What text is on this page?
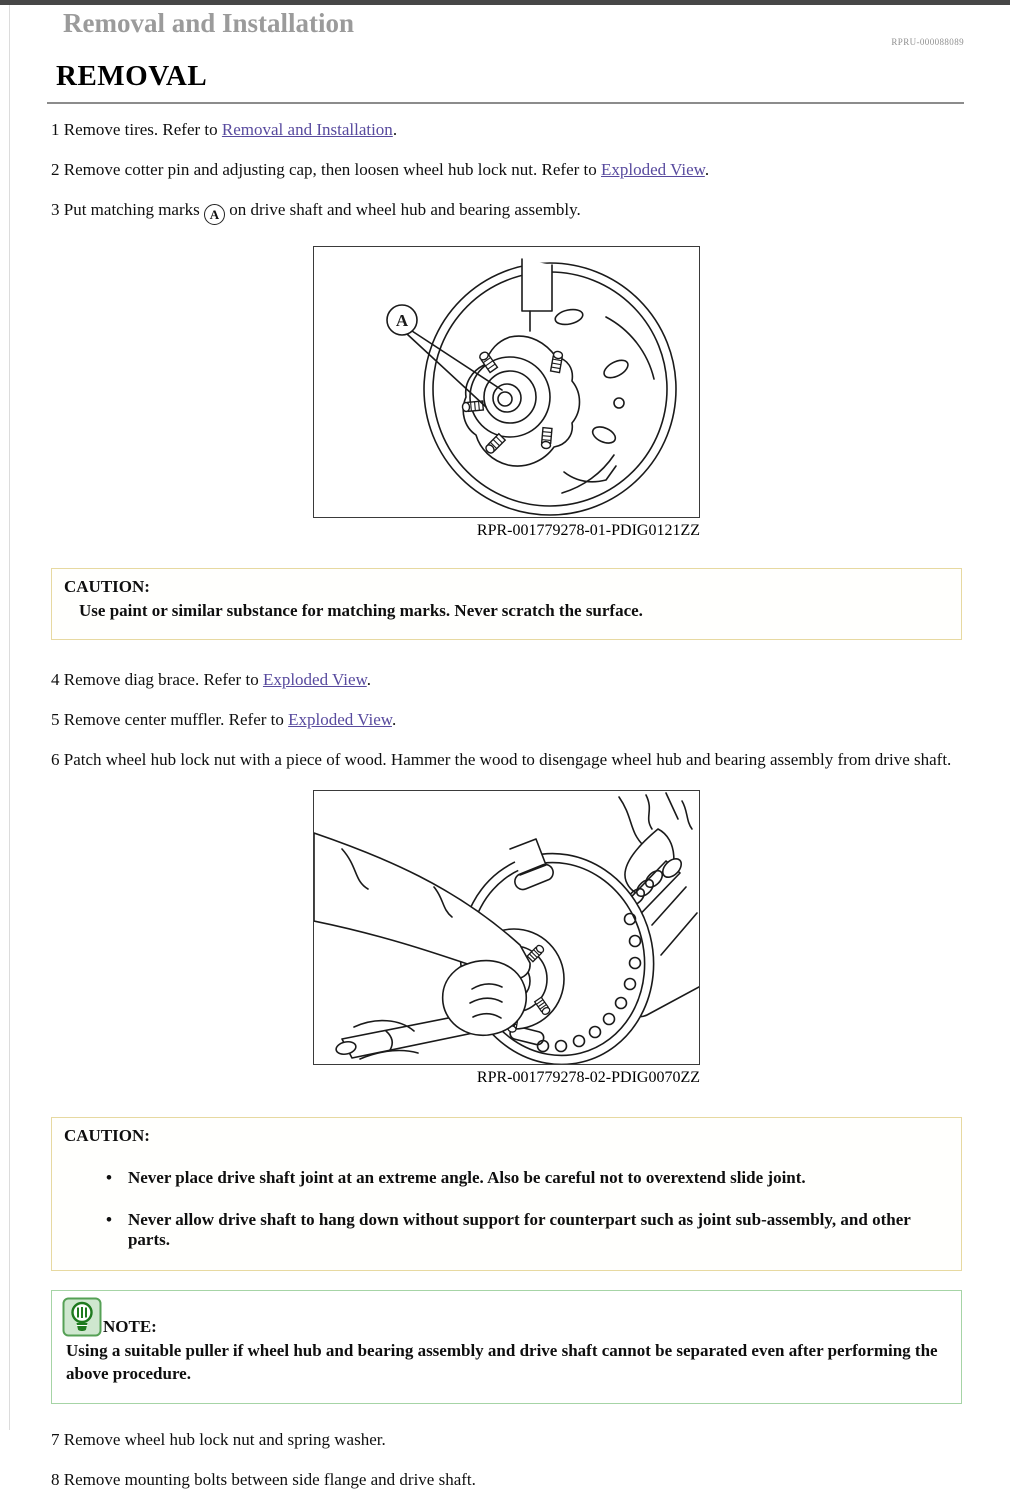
Removal and Installation
RPRU-000088089
REMOVAL

1 Remove tires. Refer to Removal and Installation.

2 Remove cotter pin and adjusting cap, then loosen wheel hub lock nut. Refer to Exploded View.

3 Put matching marks A on drive shaft and wheel hub and bearing assembly.

A
RPR-001779278-01-PDIG0121ZZ
CAUTION:
Use paint or similar substance for matching marks. Never scratch the surface.

4 Remove diag brace. Refer to Exploded View.

5 Remove center muffler. Refer to Exploded View.

6 Patch wheel hub lock nut with a piece of wood. Hammer the wood to disengage wheel hub and bearing assembly from drive shaft.

RPR-001779278-02-PDIG0070ZZ
CAUTION:
• Never place drive shaft joint at an extreme angle. Also be careful not to overextend slide joint.
• Never allow drive shaft to hang down without support for counterpart such as joint sub-assembly, and other parts.
NOTE:
Using a suitable puller if wheel hub and bearing assembly and drive shaft cannot be separated even after performing the above procedure.

7 Remove wheel hub lock nut and spring washer.

8 Remove mounting bolts between side flange and drive shaft.
